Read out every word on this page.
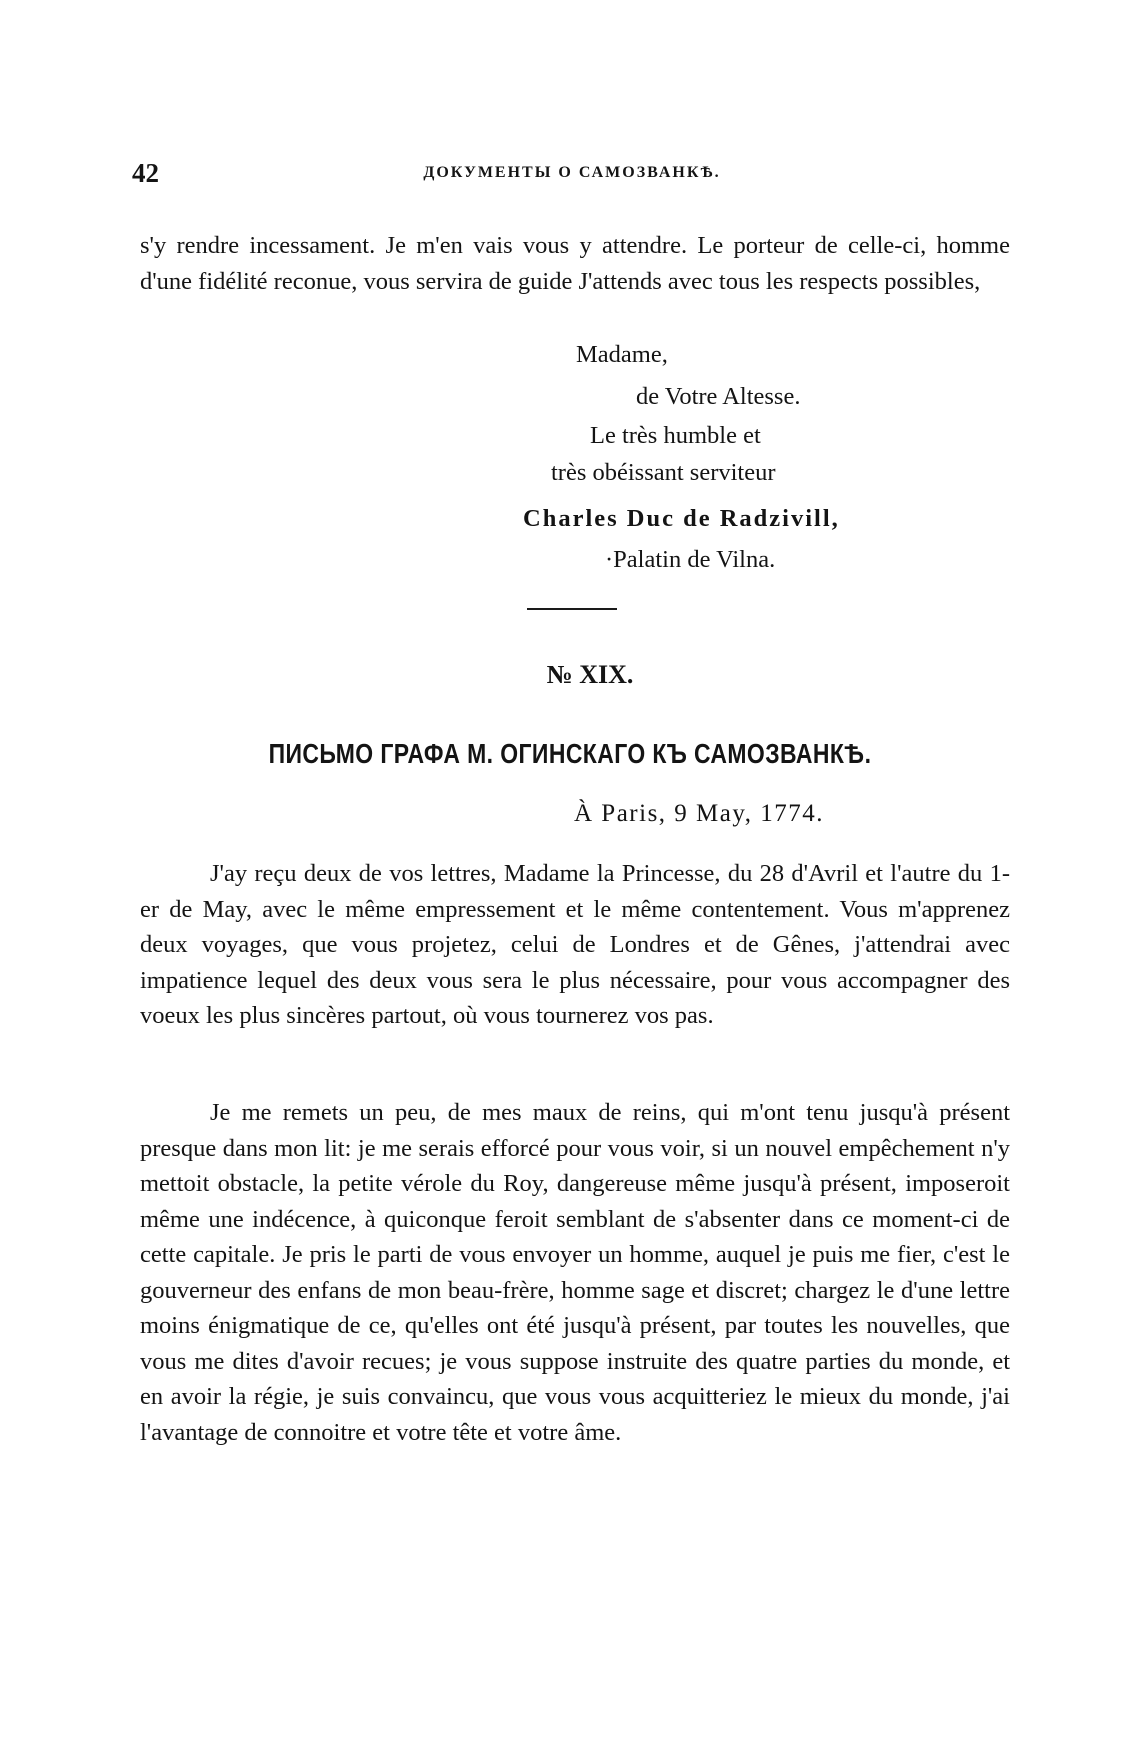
42	ДОКУМЕНТЫ О САМОЗВАНКѢ.

s'y rendre incessament. Je m'en vais vous y attendre. Le porteur de celle-ci, homme d'une fidélité reconue, vous servira de guide J'attends avec tous les respects possibles,

Madame,
de Votre Altesse.
Le très humble et
très obéissant serviteur
Charles Duc de Radzivill,
·Palatin de Vilna.
№ XIX.
ПИСЬМО ГРАФА М. ОГИНСКАГО КЪ САМОЗВАНКѢ.
À Paris, 9 May, 1774.

J'ay reçu deux de vos lettres, Madame la Princesse, du 28 d'Avril et l'autre du 1-er de May, avec le même empressement et le même contentement. Vous m'apprenez deux voyages, que vous projetez, celui de Londres et de Gênes, j'attendrai avec impatience lequel des deux vous sera le plus nécessaire, pour vous accompagner des voeux les plus sincères partout, où vous tournerez vos pas.

Je me remets un peu, de mes maux de reins, qui m'ont tenu jusqu'à présent presque dans mon lit: je me serais efforcé pour vous voir, si un nouvel empêchement n'y mettoit obstacle, la petite vérole du Roy, dangereuse même jusqu'à présent, imposeroit même une indécence, à quiconque feroit semblant de s'absenter dans ce moment-ci de cette capitale. Je pris le parti de vous envoyer un homme, auquel je puis me fier, c'est le gouverneur des enfans de mon beau-frère, homme sage et discret; chargez le d'une lettre moins énigmatique de ce, qu'elles ont été jusqu'à présent, par toutes les nouvelles, que vous me dites d'avoir recues; je vous suppose instruite des quatre parties du monde, et en avoir la régie, je suis convaincu, que vous vous acquitteriez le mieux du monde, j'ai l'avantage de connoitre et votre tête et votre âme.
